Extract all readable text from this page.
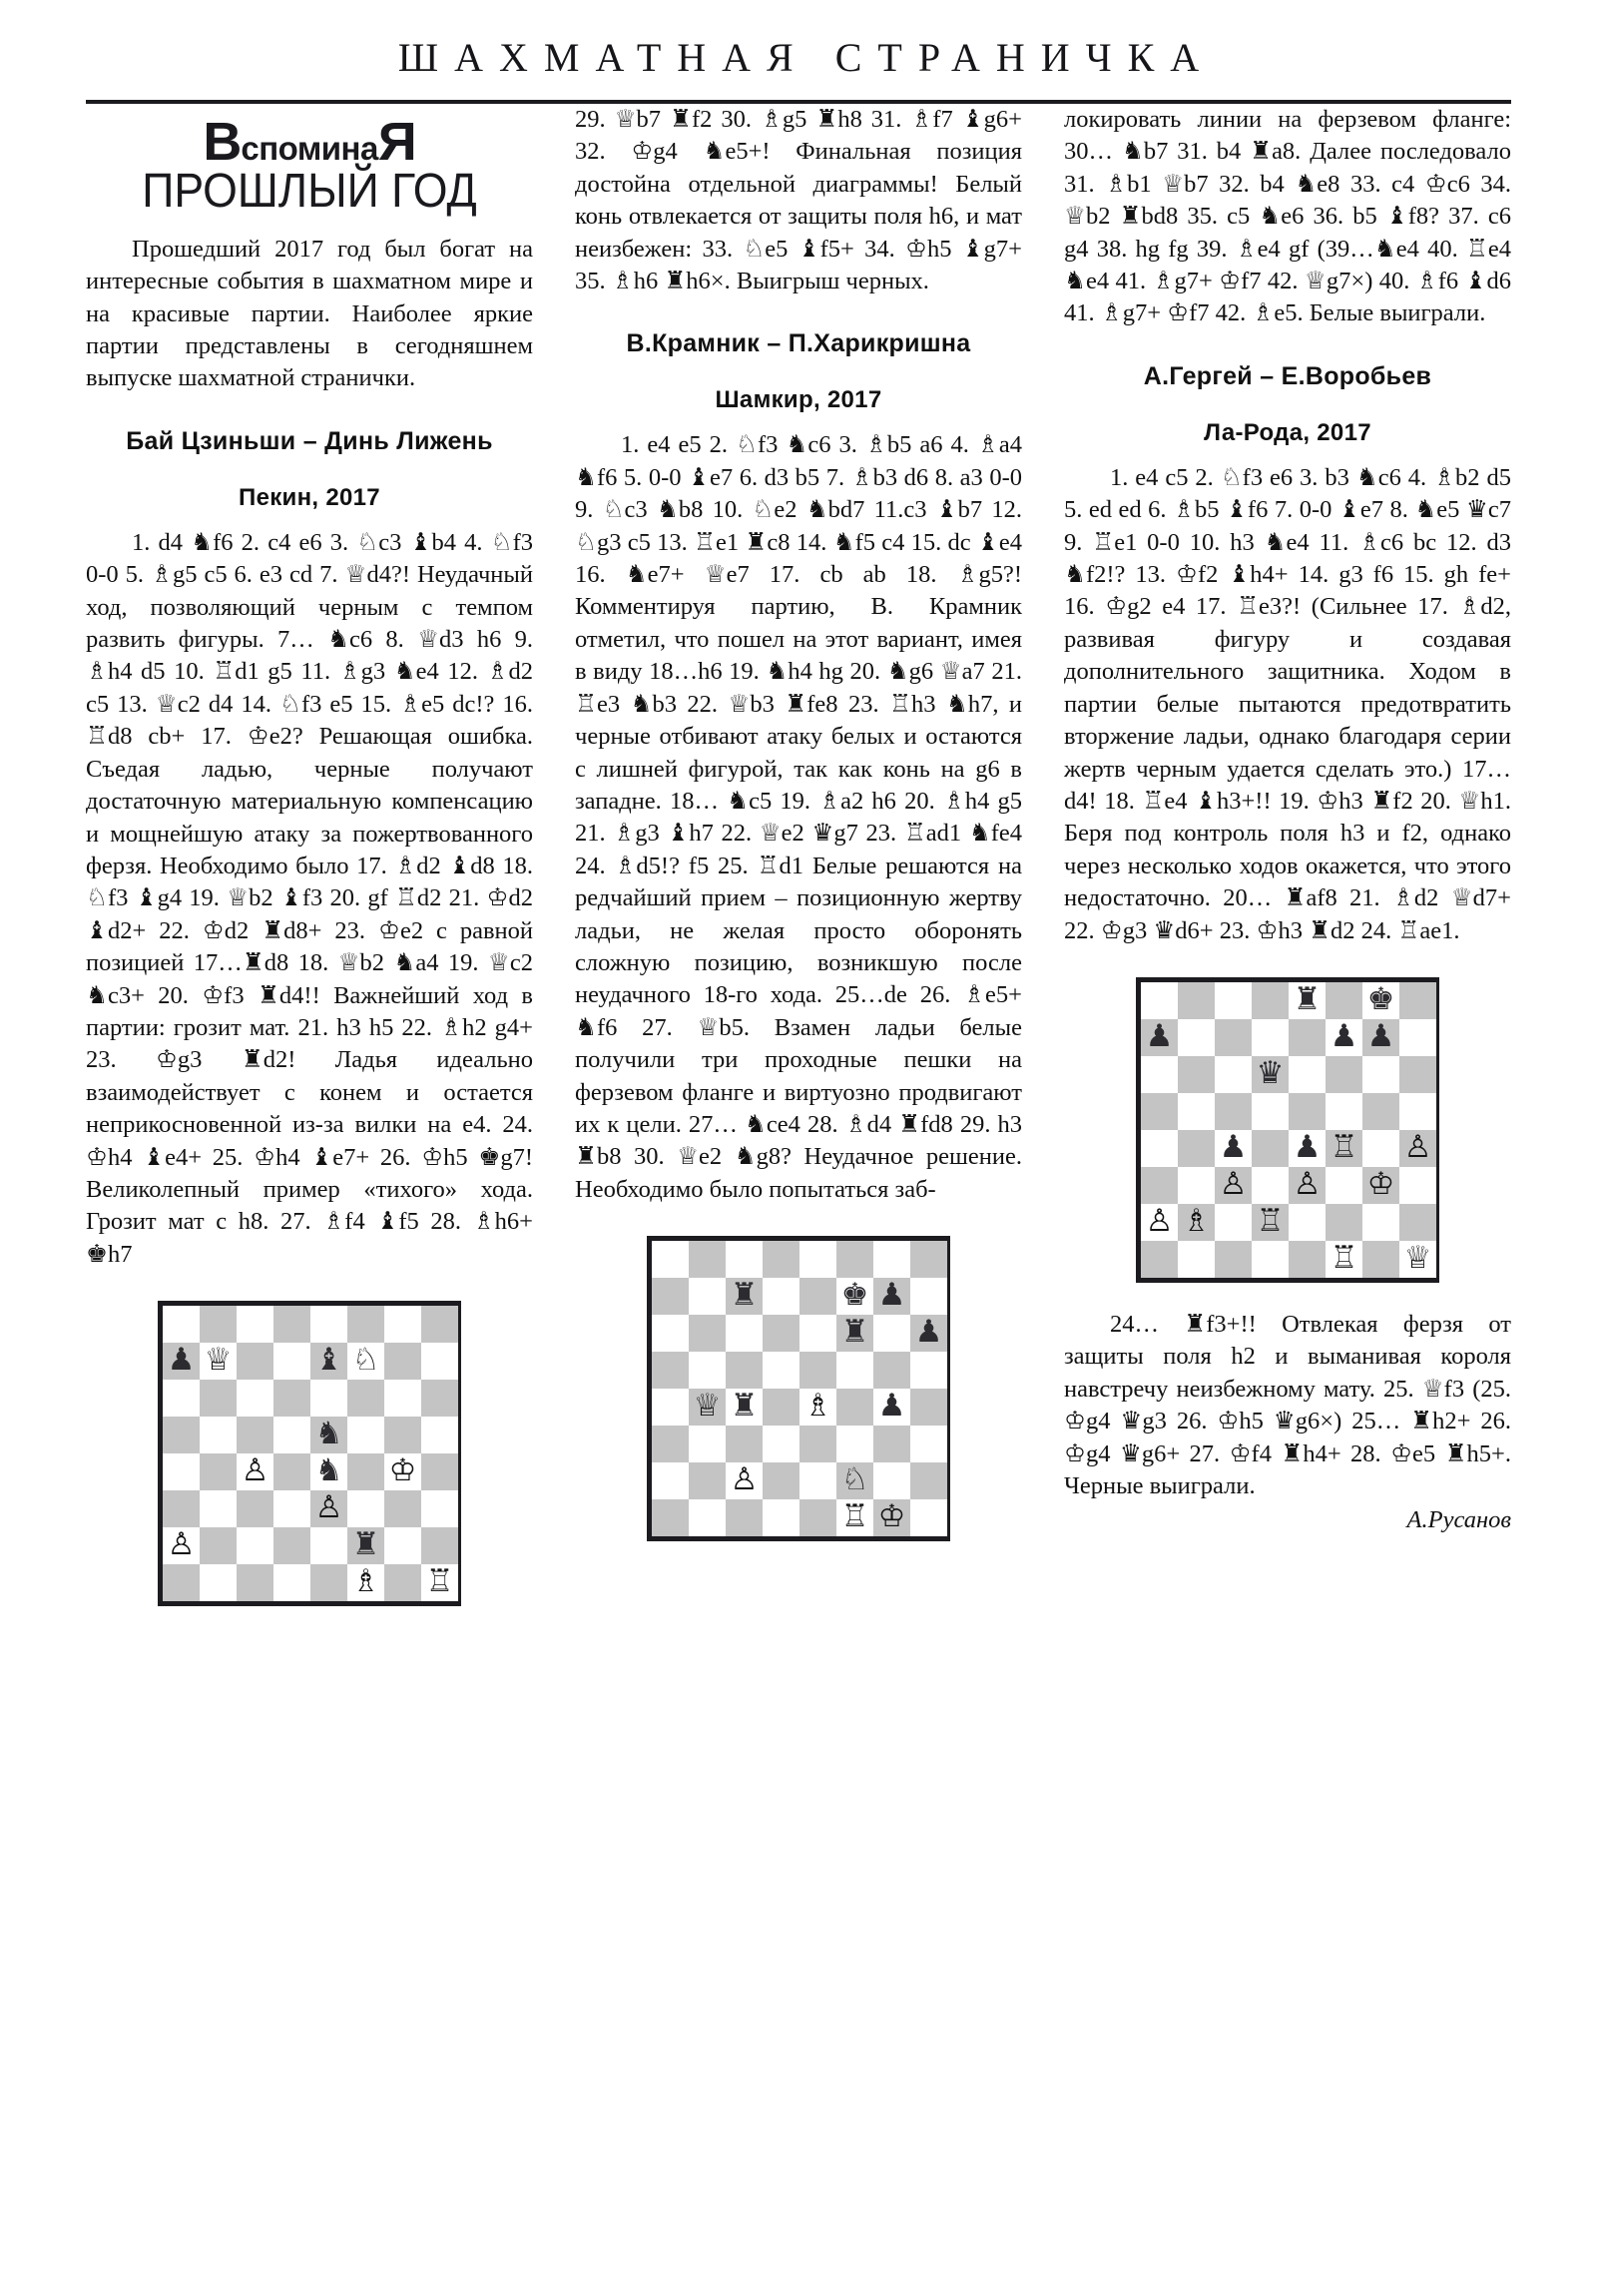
ШАХМАТНАЯ СТРАНИЧКА
ВспоминаЯ
ПРОШЛЫЙ ГОД

Прошедший 2017 год был богат на интересные события в шахматном мире и на красивые партии. Наиболее яркие партии представлены в сегодняшнем выпуске шахматной странички.

Бай Цзиньши – Динь Лижень
Пекин, 2017

1. d4 ♞f6 2. c4 e6 3. ♘c3 ♝b4 4. ♘f3 0-0 5. ♗g5 c5 6. e3 cd 7. ♕d4?! Неудачный ход, позволяющий черным с темпом развить фигуры. 7… ♞c6 8. ♕d3 h6 9. ♗h4 d5 10. ♖d1 g5 11. ♗g3 ♞e4 12. ♗d2 c5 13. ♕c2 d4 14. ♘f3 e5 15. ♗e5 dc!? 16. ♖d8 cb+ 17. ♔e2? Решающая ошибка. Съедая ладью, черные получают достаточную материальную компенсацию и мощнейшую атаку за пожертвованного ферзя. Необходимо было 17. ♗d2 ♝d8 18. ♘f3 ♝g4 19. ♕b2 ♝f3 20. gf ♖d2 21. ♔d2 ♝d2+ 22. ♔d2 ♜d8+ 23. ♔e2 с равной позицией 17…♜d8 18. ♕b2 ♞a4 19. ♕c2 ♞c3+ 20. ♔f3 ♜d4!! Важнейший ход в партии: грозит мат. 21. h3 h5 22. ♗h2 g4+ 23. ♔g3 ♜d2! Ладья идеально взаимодействует с конем и остается неприкосновенной из-за вилки на e4. 24. ♔h4 ♝e4+ 25. ♔h4 ♝e7+ 26. ♔h5 ♚g7! Великолепный пример «тихого» хода. Грозит мат с h8. 27. ♗f4 ♝f5 28. ♗h6+ ♚h7

♟ ♕	♝ ♘
♞
♙ ♞ ♔
♙
♙	♜
♗ ♖

29. ♕b7 ♜f2 30. ♗g5 ♜h8 31. ♗f7 ♝g6+ 32. ♔g4 ♞e5+! Финальная позиция достойна отдельной диаграммы! Белый конь отвлекается от защиты поля h6, и мат неизбежен: 33. ♘e5 ♝f5+ 34. ♔h5 ♝g7+ 35. ♗h6 ♜h6×. Выигрыш черных.

В.Крамник – П.Харикришна
Шамкир, 2017

1. e4 e5 2. ♘f3 ♞c6 3. ♗b5 a6 4. ♗a4 ♞f6 5. 0-0 ♝e7 6. d3 b5 7. ♗b3 d6 8. a3 0-0 9. ♘c3 ♞b8 10. ♘e2 ♞bd7 11.c3 ♝b7 12. ♘g3 c5 13. ♖e1 ♜c8 14. ♞f5 c4 15. dc ♝e4 16. ♞e7+ ♕e7 17. cb ab 18. ♗g5?! Комментируя партию, В. Крамник отметил, что пошел на этот вариант, имея в виду 18…h6 19. ♞h4 hg 20. ♞g6 ♕a7 21. ♖e3 ♞b3 22. ♕b3 ♜fe8 23. ♖h3 ♞h7, и черные отбивают атаку белых и остаются с лишней фигурой, так как конь на g6 в западне. 18… ♞c5 19. ♗a2 h6 20. ♗h4 g5 21. ♗g3 ♝h7 22. ♕e2 ♛g7 23. ♖ad1 ♞fe4 24. ♗d5!? f5 25. ♖d1 Белые решаются на редчайший прием – позиционную жертву ладьи, не желая просто оборонять сложную позицию, возникшую после неудачного 18-го хода. 25…de 26. ♗e5+ ♞f6 27. ♕b5. Взамен ладьи белые получили три проходные пешки на ферзевом фланге и виртуозно продвигают их к цели. 27… ♞ce4 28. ♗d4 ♜fd8 29. h3 ♜b8 30. ♕e2 ♞g8? Неудачное решение. Необходимо было попытаться заб-

♜	♚ ♟
♜ ♟
♕ ♜ ♗ ♟
♙	♘
♖ ♔

локировать линии на ферзевом фланге: 30… ♞b7 31. b4 ♜a8. Далее последовало 31. ♗b1 ♕b7 32. b4 ♞e8 33. c4 ♔c6 34. ♕b2 ♜bd8 35. c5 ♞e6 36. b5 ♝f8? 37. c6 g4 38. hg fg 39. ♗e4 gf (39…♞e4 40. ♖e4 ♞e4 41. ♗g7+ ♔f7 42. ♕g7×) 40. ♗f6 ♝d6 41. ♗g7+ ♔f7 42. ♗e5. Белые выиграли.

А.Гергей – Е.Воробьев
Ла-Рода, 2017

1. e4 c5 2. ♘f3 e6 3. b3 ♞c6 4. ♗b2 d5 5. ed ed 6. ♗b5 ♝f6 7. 0-0 ♝e7 8. ♞e5 ♛c7 9. ♖e1 0-0 10. h3 ♞e4 11. ♗c6 bc 12. d3 ♞f2!? 13. ♔f2 ♝h4+ 14. g3 f6 15. gh fe+ 16. ♔g2 e4 17. ♖e3?! (Сильнее 17. ♗d2, развивая фигуру и создавая дополнительного защитника. Ходом в партии белые пытаются предотвратить вторжение ладьи, однако благодаря серии жертв черным удается сделать это.) 17… d4! 18. ♖e4 ♝h3+!! 19. ♔h3 ♜f2 20. ♕h1. Беря под контроль поля h3 и f2, однако через несколько ходов окажется, что этого недостаточно. 20… ♜af8 21. ♗d2 ♕d7+ 22. ♔g3 ♛d6+ 23. ♔h3 ♜d2 24. ♖ae1.

♜ ♚
♟	♟ ♟
♛
♟ ♟ ♖ ♙
♙ ♙ ♔
♙ ♗ ♖
♖ ♕

24… ♜f3+!! Отвлекая ферзя от защиты поля h2 и выманивая короля навстречу неизбежному мату. 25. ♕f3 (25. ♔g4 ♛g3 26. ♔h5 ♛g6×) 25… ♜h2+ 26. ♔g4 ♛g6+ 27. ♔f4 ♜h4+ 28. ♔e5 ♜h5+. Черные выиграли.

А.Русанов
